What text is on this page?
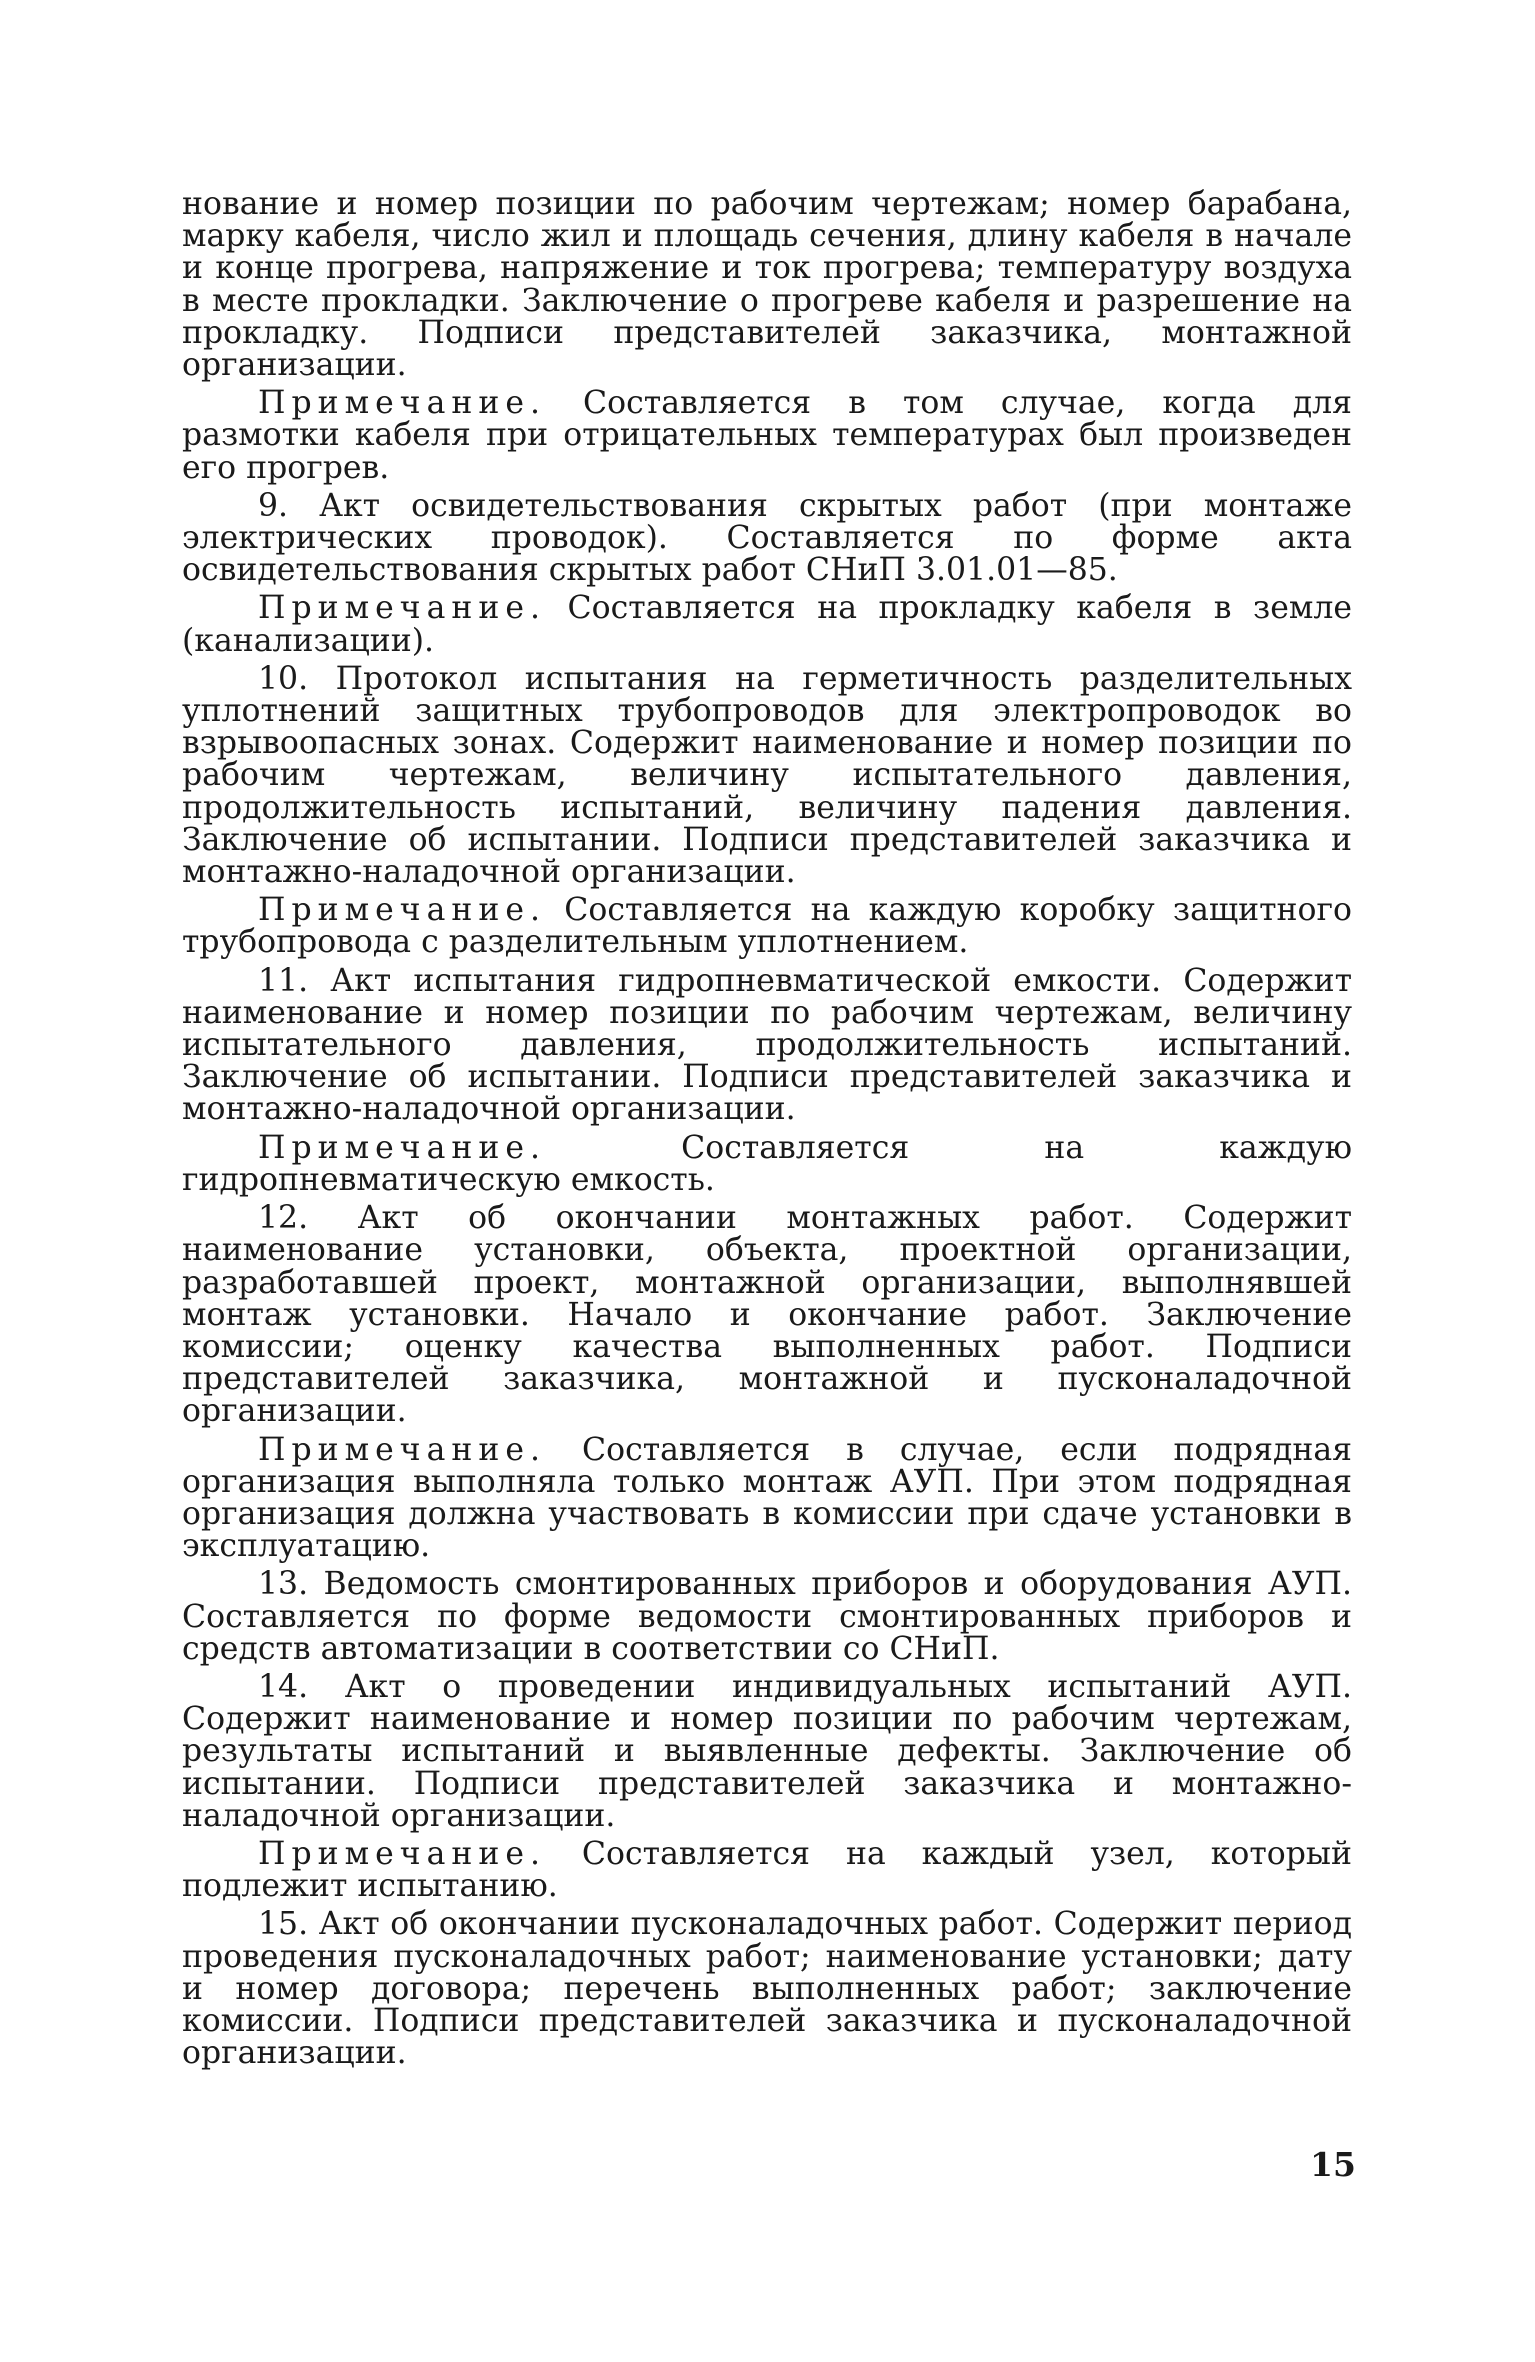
нование и номер позиции по рабочим чертежам; номер барабана, марку кабеля, число жил и площадь сечения, длину кабеля в начале и конце прогрева, напряжение и ток прогрева; температуру воздуха в месте прокладки. Заключение о прогреве кабеля и разрешение на прокладку. Подписи представителей заказчика, монтажной организации.

Примечание. Составляется в том случае, когда для размотки кабеля при отрицательных температурах был произведен его прогрев.

9. Акт освидетельствования скрытых работ (при монтаже электрических проводок). Составляется по форме акта освидетельствования скрытых работ СНиП 3.01.01—85.

Примечание. Составляется на прокладку кабеля в земле (канализации).

10. Протокол испытания на герметичность разделительных уплотнений защитных трубопроводов для электропроводок во взрывоопасных зонах. Содержит наименование и номер позиции по рабочим чертежам, величину испытательного давления, продолжительность испытаний, величину падения давления. Заключение об испытании. Подписи представителей заказчика и монтажно-наладочной организации.

Примечание. Составляется на каждую коробку защитного трубопровода с разделительным уплотнением.

11. Акт испытания гидропневматической емкости. Содержит наименование и номер позиции по рабочим чертежам, величину испытательного давления, продолжительность испытаний. Заключение об испытании. Подписи представителей заказчика и монтажно-наладочной организации.

Примечание. Составляется на каждую гидропневматическую емкость.

12. Акт об окончании монтажных работ. Содержит наименование установки, объекта, проектной организации, разработавшей проект, монтажной организации, выполнявшей монтаж установки. Начало и окончание работ. Заключение комиссии; оценку качества выполненных работ. Подписи представителей заказчика, монтажной и пусконаладочной организации.

Примечание. Составляется в случае, если подрядная организация выполняла только монтаж АУП. При этом подрядная организация должна участвовать в комиссии при сдаче установки в эксплуатацию.

13. Ведомость смонтированных приборов и оборудования АУП. Составляется по форме ведомости смонтированных приборов и средств автоматизации в соответствии со СНиП.

14. Акт о проведении индивидуальных испытаний АУП. Содержит наименование и номер позиции по рабочим чертежам, результаты испытаний и выявленные дефекты. Заключение об испытании. Подписи представителей заказчика и монтажно-наладочной организации.

Примечание. Составляется на каждый узел, который подлежит испытанию.

15. Акт об окончании пусконаладочных работ. Содержит период проведения пусконаладочных работ; наименование установки; дату и номер договора; перечень выполненных работ; заключение комиссии. Подписи представителей заказчика и пусконаладочной организации.

15
